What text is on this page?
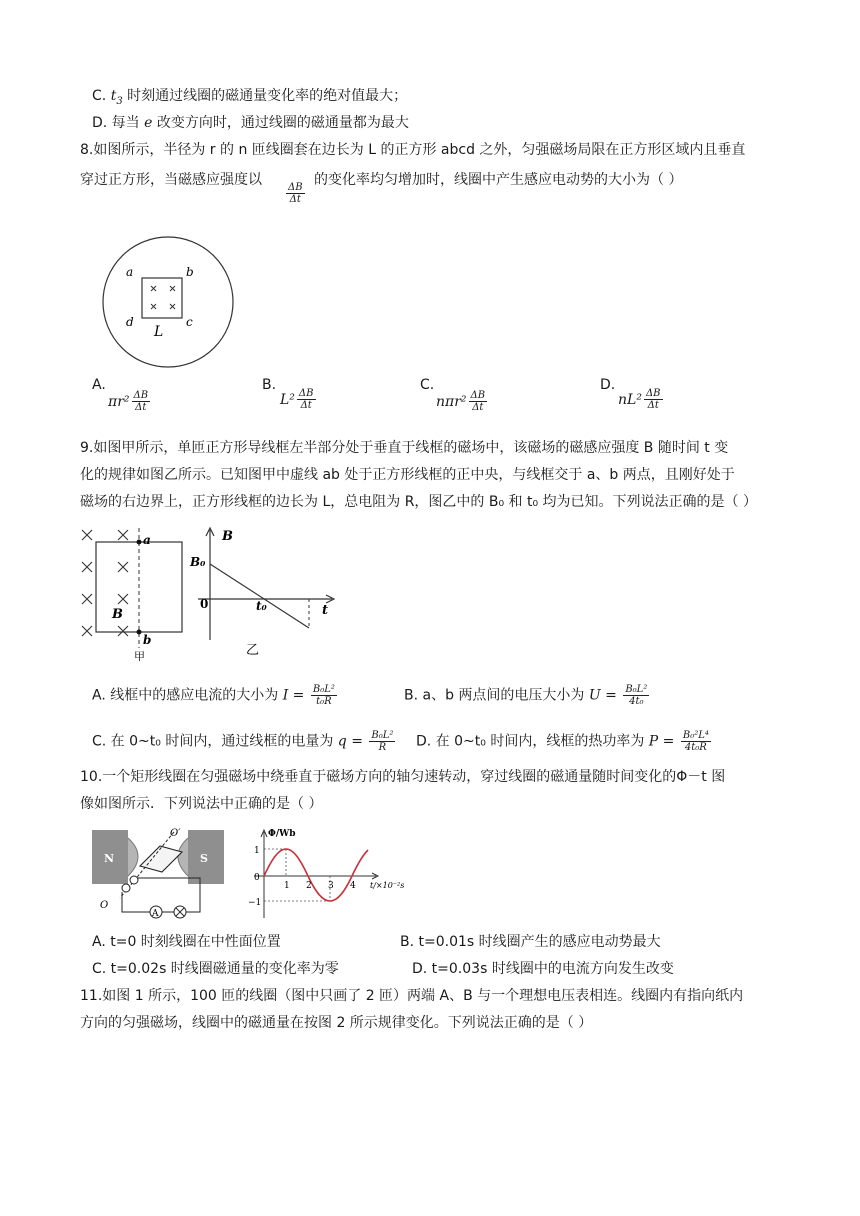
C. $t_3$ 时刻通过线圈的磁通量变化率的绝对值最大；
D. 每当 e 改变方向时，通过线圈的磁通量都为最大
8.如图所示，半径为 r 的 n 匝线圈套在边长为 L 的正方形 abcd 之外，匀强磁场局限在正方形区域内且垂直
穿过正方形，当磁感应强度以
$\frac{\Delta B}{\Delta t}$
的变化率均匀增加时，线圈中产生感应电动势的大小为（ ）
a	b
c
d
L
A.
$\pi r^2 \frac{\Delta B}{\Delta t}$
B.
$L^2 \frac{\Delta B}{\Delta t}$
C.
$n\pi r^2 \frac{\Delta B}{\Delta t}$
D.
$nL^2 \frac{\Delta B}{\Delta t}$
9.如图甲所示，单匝正方形导线框左半部分处于垂直于线框的磁场中，该磁场的磁感应强度 B 随时间 t 变
化的规律如图乙所示。已知图甲中虚线 ab 处于正方形线框的正中央，与线框交于 a、b 两点，且刚好处于
磁场的右边界上，正方形线框的边长为 L，总电阻为 R，图乙中的 B₀ 和 t₀ 均为已知。下列说法正确的是（ ）
a
b
B
甲
B
B₀
0	t₀	t
乙
A. 线框中的感应电流的大小为 $I = \frac{\text{B₀L²}}{\text{t₀R}}$	B. a、b 两点间的电压大小为 $U = \frac{\text{B₀L²}}{\text{4t₀}}$
C. 在 0~t₀ 时间内，通过线框的电量为 $q = \frac{\text{B₀L²}}{R} D$. 在 0~t₀ 时间内，线框的热功率为 $P = \frac{\text{B₀²L⁴}}{\text{4t₀R}}$
10.一个矩形线圈在匀强磁场中绕垂直于磁场方向的轴匀速转动，穿过线圈的磁通量随时间变化的Φ－t 图
像如图所示．下列说法中正确的是（ ）
N	S
O′
O
A
Φ/Wb
1
−1
0
1 2 3 4 t/×10⁻²s
A. t=0 时刻线圈在中性面位置	B. t=0.01s 时线圈产生的感应电动势最大
C. t=0.02s 时线圈磁通量的变化率为零	D. t=0.03s 时线圈中的电流方向发生改变
11.如图 1 所示，100 匝的线圈（图中只画了 2 匝）两端 A、B 与一个理想电压表相连。线圈内有指向纸内
方向的匀强磁场，线圈中的磁通量在按图 2 所示规律变化。下列说法正确的是（ ）
